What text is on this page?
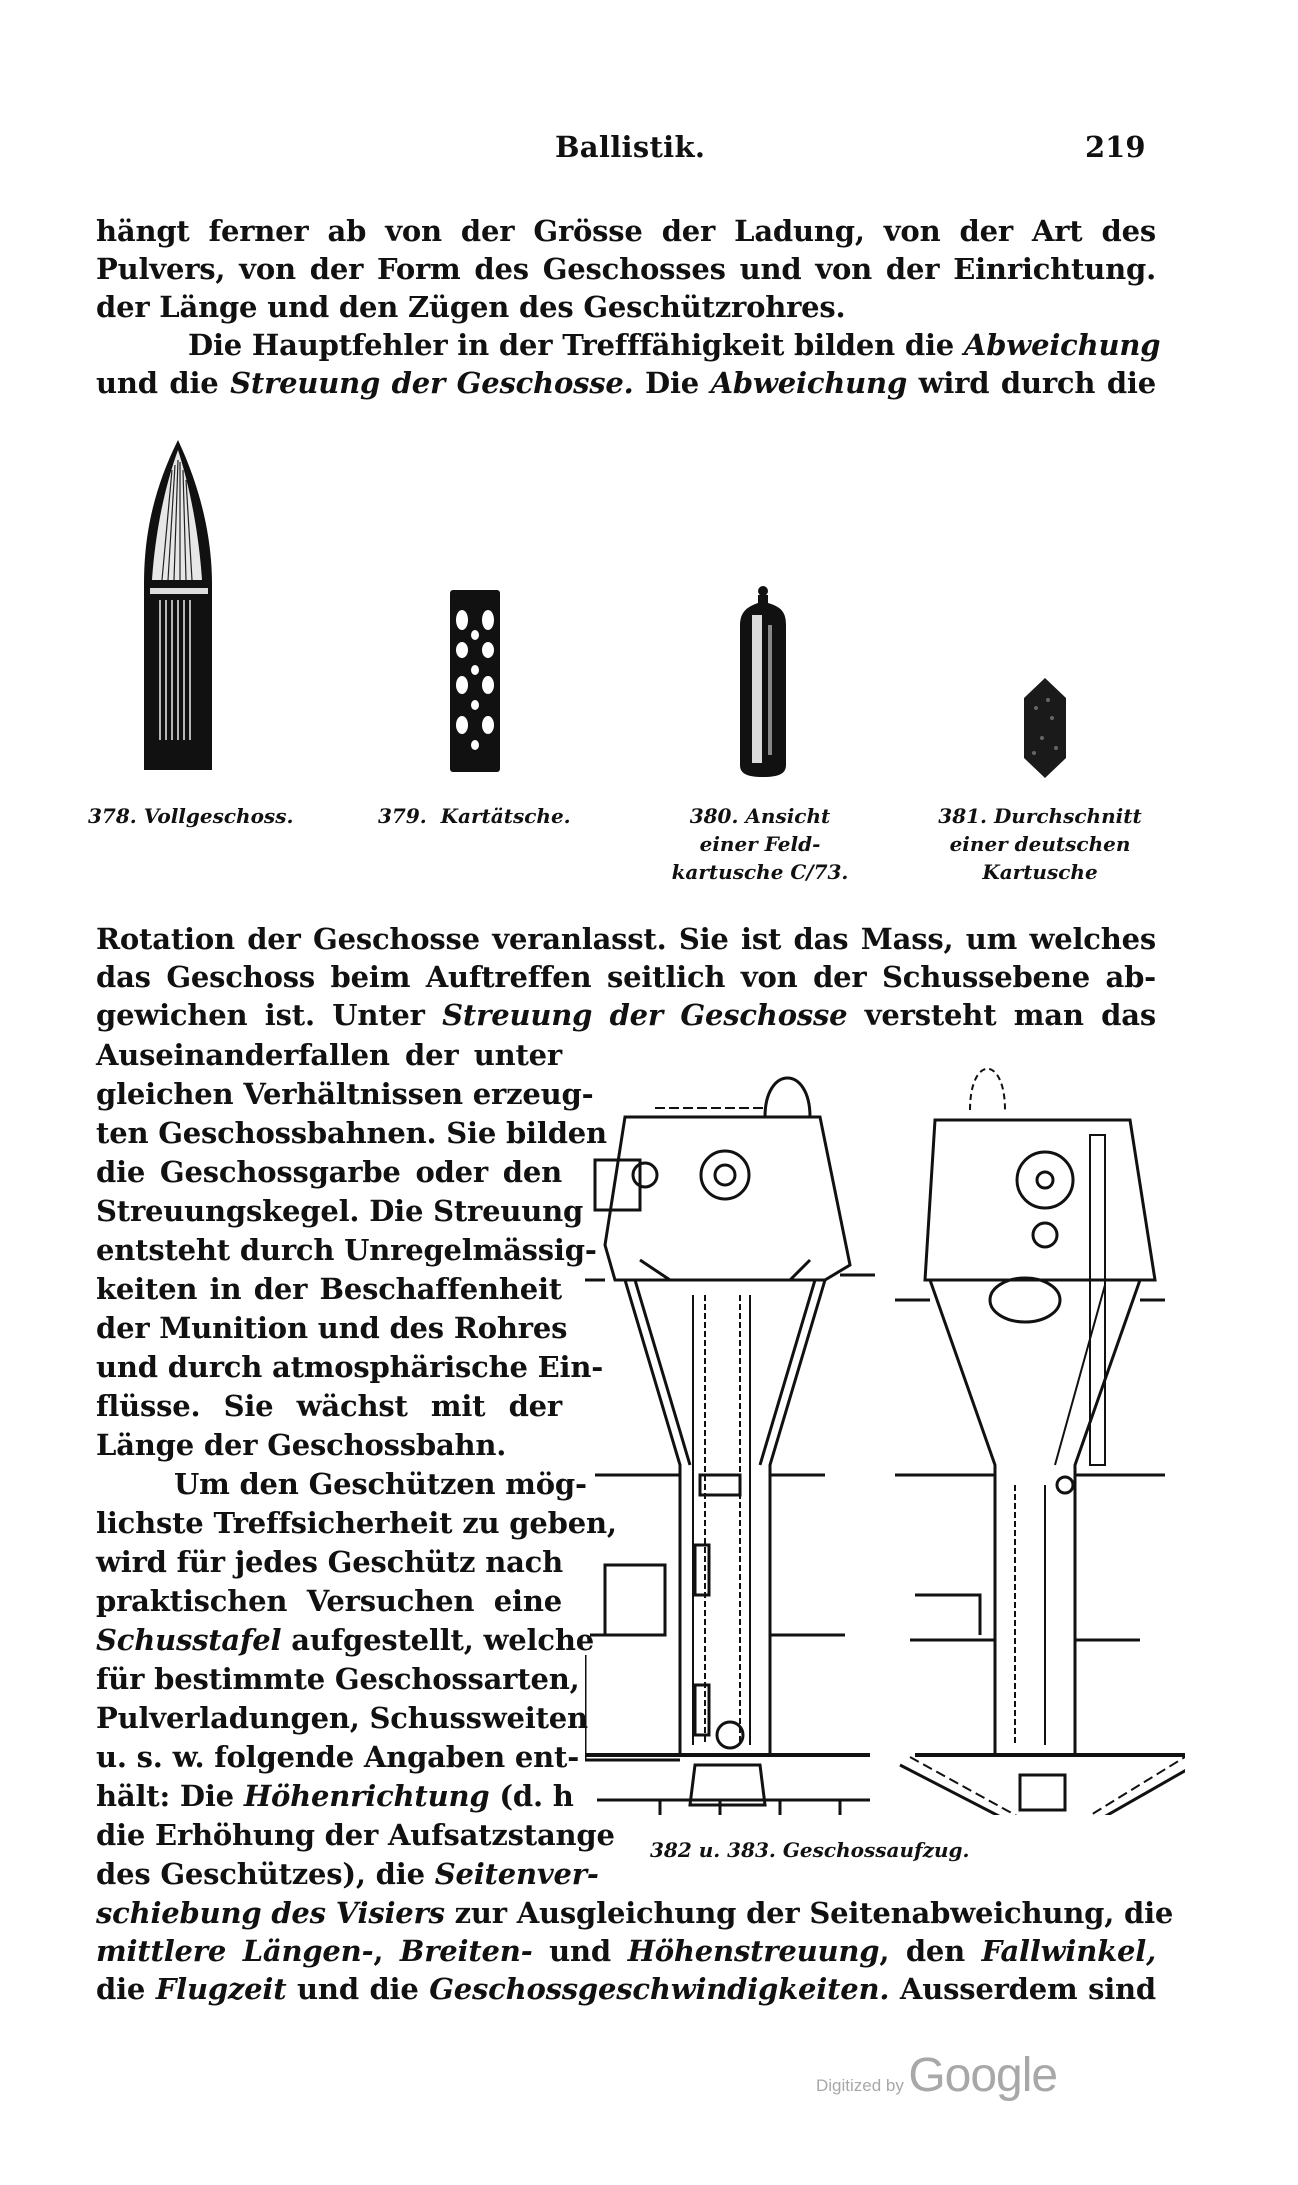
Ballistik.	219
hängt ferner ab von der Grösse der Ladung, von der Art des
Pulvers, von der Form des Geschosses und von der Einrichtung.
der Länge und den Zügen des Geschützrohres.
Die Hauptfehler in der Trefffähigkeit bilden die Abweichung
und die Streuung der Geschosse. Die Abweichung wird durch die
378. Vollgeschoss.	379. Kartätsche.	380. Ansicht
einer Feld-
kartusche C/73.
381. Durchschnitt
einer deutschen
Kartusche
Rotation der Geschosse veranlasst. Sie ist das Mass, um welches
das Geschoss beim Auftreffen seitlich von der Schussebene ab-
gewichen ist. Unter Streuung der Geschosse versteht man das
Auseinanderfallen der unter
gleichen Verhältnissen erzeug-
ten Geschossbahnen. Sie bilden
die Geschossgarbe oder den
Streuungskegel. Die Streuung
entsteht durch Unregelmässig-
keiten in der Beschaffenheit
der Munition und des Rohres
und durch atmosphärische Ein-
flüsse. Sie wächst mit der
Länge der Geschossbahn.
Um den Geschützen mög-
lichste Treffsicherheit zu geben,
wird für jedes Geschütz nach
praktischen Versuchen eine
Schusstafel aufgestellt, welche
für bestimmte Geschossarten,
Pulverladungen, Schussweiten
u. s. w. folgende Angaben ent-
hält: Die Höhenrichtung (d. h
die Erhöhung der Aufsatzstange
des Geschützes), die Seitenver-
382 u. 383. Geschossaufzug.
schiebung des Visiers zur Ausgleichung der Seitenabweichung, die
mittlere Längen-, Breiten- und Höhenstreuung, den Fallwinkel,
die Flugzeit und die Geschossgeschwindigkeiten. Ausserdem sind
Digitized by Google
